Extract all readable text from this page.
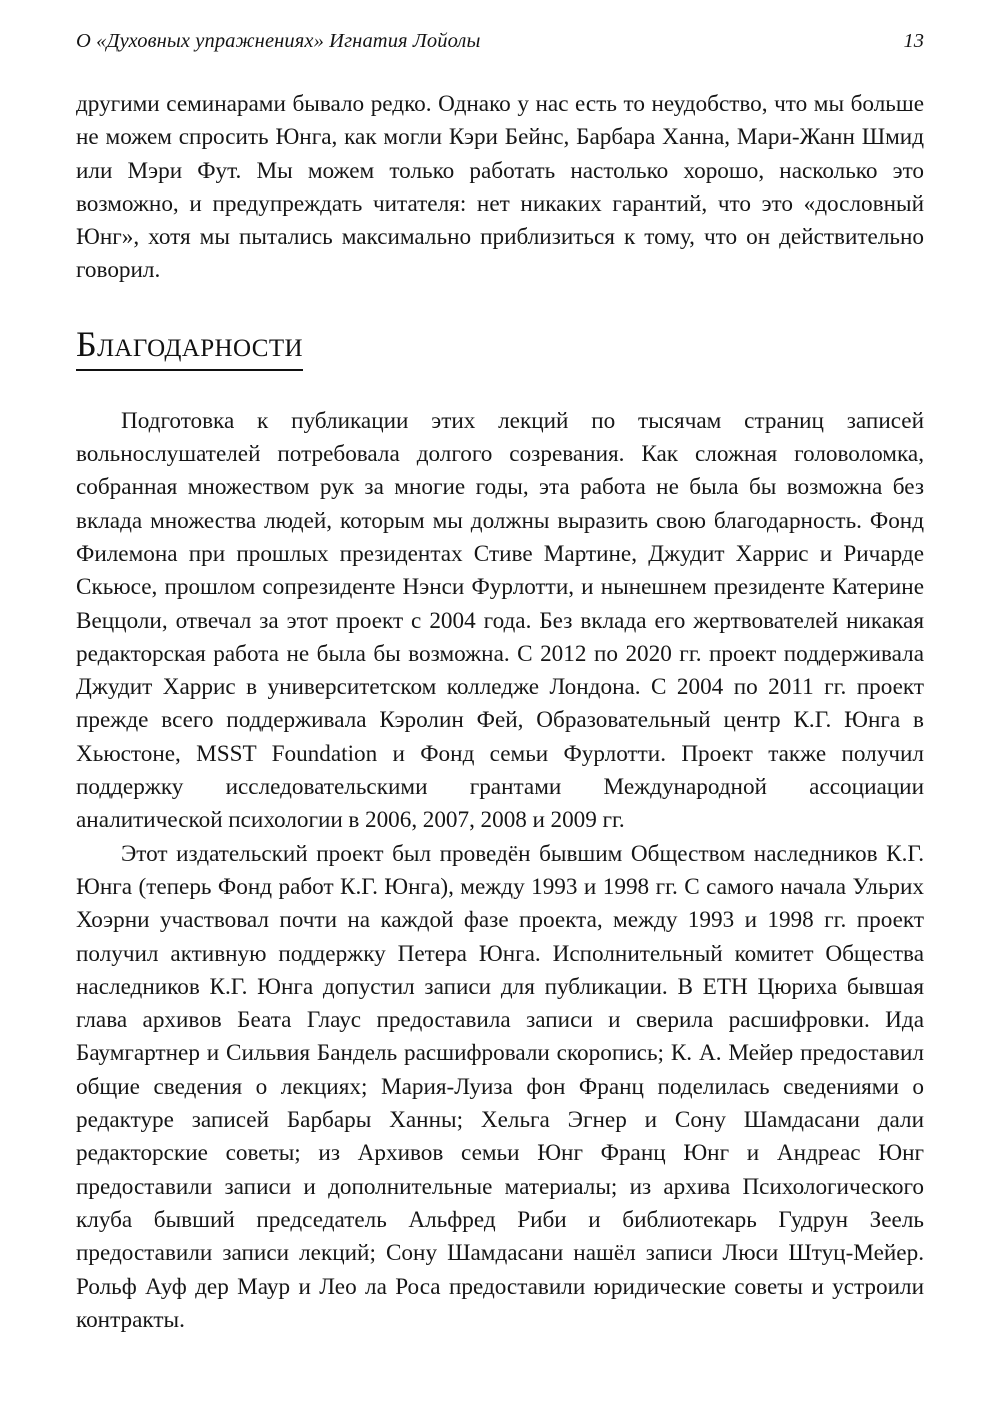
О «Духовных упражнениях» Игнатия Лойолы	13

другими семинарами бывало редко. Однако у нас есть то неудобство, что мы больше не можем спросить Юнга, как могли Кэри Бейнс, Барбара Ханна, Мари-Жанн Шмид или Мэри Фут. Мы можем только работать настолько хорошо, насколько это возможно, и предупреждать читателя: нет никаких гарантий, что это «дословный Юнг», хотя мы пытались максимально приблизиться к тому, что он действительно говорил.

Благодарности

Подготовка к публикации этих лекций по тысячам страниц записей вольнослушателей потребовала долгого созревания. Как сложная головоломка, собранная множеством рук за многие годы, эта работа не была бы возможна без вклада множества людей, которым мы должны выразить свою благодарность. Фонд Филемона при прошлых президентах Стиве Мартине, Джудит Харрис и Ричарде Скьюсе, прошлом сопрезиденте Нэнси Фурлотти, и нынешнем президенте Катерине Веццоли, отвечал за этот проект с 2004 года. Без вклада его жертвователей никакая редакторская работа не была бы возможна. С 2012 по 2020 гг. проект поддерживала Джудит Харрис в университетском колледже Лондона. С 2004 по 2011 гг. проект прежде всего поддерживала Кэролин Фей, Образовательный центр К.Г. Юнга в Хьюстоне, MSST Foundation и Фонд семьи Фурлотти. Проект также получил поддержку исследовательскими грантами Международной ассоциации аналитической психологии в 2006, 2007, 2008 и 2009 гг.

Этот издательский проект был проведён бывшим Обществом наследников К.Г. Юнга (теперь Фонд работ К.Г. Юнга), между 1993 и 1998 гг. С самого начала Ульрих Хоэрни участвовал почти на каждой фазе проекта, между 1993 и 1998 гг. проект получил активную поддержку Петера Юнга. Исполнительный комитет Общества наследников К.Г. Юнга допустил записи для публикации. В ETH Цюриха бывшая глава архивов Беата Глаус предоставила записи и сверила расшифровки. Ида Баумгартнер и Сильвия Бандель расшифровали скоропись; К. А. Мейер предоставил общие сведения о лекциях; Мария-Луиза фон Франц поделилась сведениями о редактуре записей Барбары Ханны; Хельга Эгнер и Сону Шамдасани дали редакторские советы; из Архивов семьи Юнг Франц Юнг и Андреас Юнг предоставили записи и дополнительные материалы; из архива Психологического клуба бывший председатель Альфред Риби и библиотекарь Гудрун Зеель предоставили записи лекций; Сону Шамдасани нашёл записи Люси Штуц-Мейер. Рольф Ауф дер Маур и Лео ла Роса предоставили юридические советы и устроили контракты.
